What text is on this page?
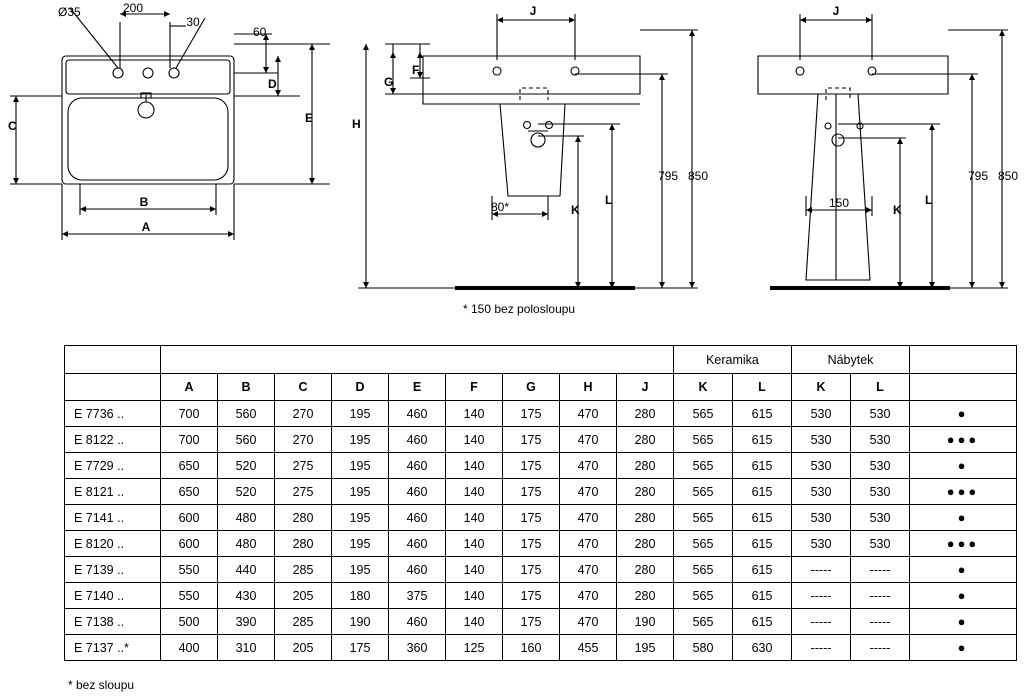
Ø35	200
30
60
D
E
C
B
A
J
G
F
H
80*	K
L
795 850
J
150	K
L
795 850
* 150 bez polosloupu
										Keramika		Nábytek		
	A	B	C	D	E	F	G	H	J	K	L	K	L	
E 7736 ..	700	560	270	195	460	140	175	470	280	565	615	530	530	●
E 8122 ..	700	560	270	195	460	140	175	470	280	565	615	530	530	●●●
E 7729 ..	650	520	275	195	460	140	175	470	280	565	615	530	530	●
E 8121 ..	650	520	275	195	460	140	175	470	280	565	615	530	530	●●●
E 7141 ..	600	480	280	195	460	140	175	470	280	565	615	530	530	●
E 8120 ..	600	480	280	195	460	140	175	470	280	565	615	530	530	●●●
E 7139 ..	550	440	285	195	460	140	175	470	280	565	615	-----	-----	●
E 7140 ..	550	430	205	180	375	140	175	470	280	565	615	-----	-----	●
E 7138 ..	500	390	285	190	460	140	175	470	190	565	615	-----	-----	●
E 7137 ..*	400	310	205	175	360	125	160	455	195	580	630	-----	-----	●
* bez sloupu
